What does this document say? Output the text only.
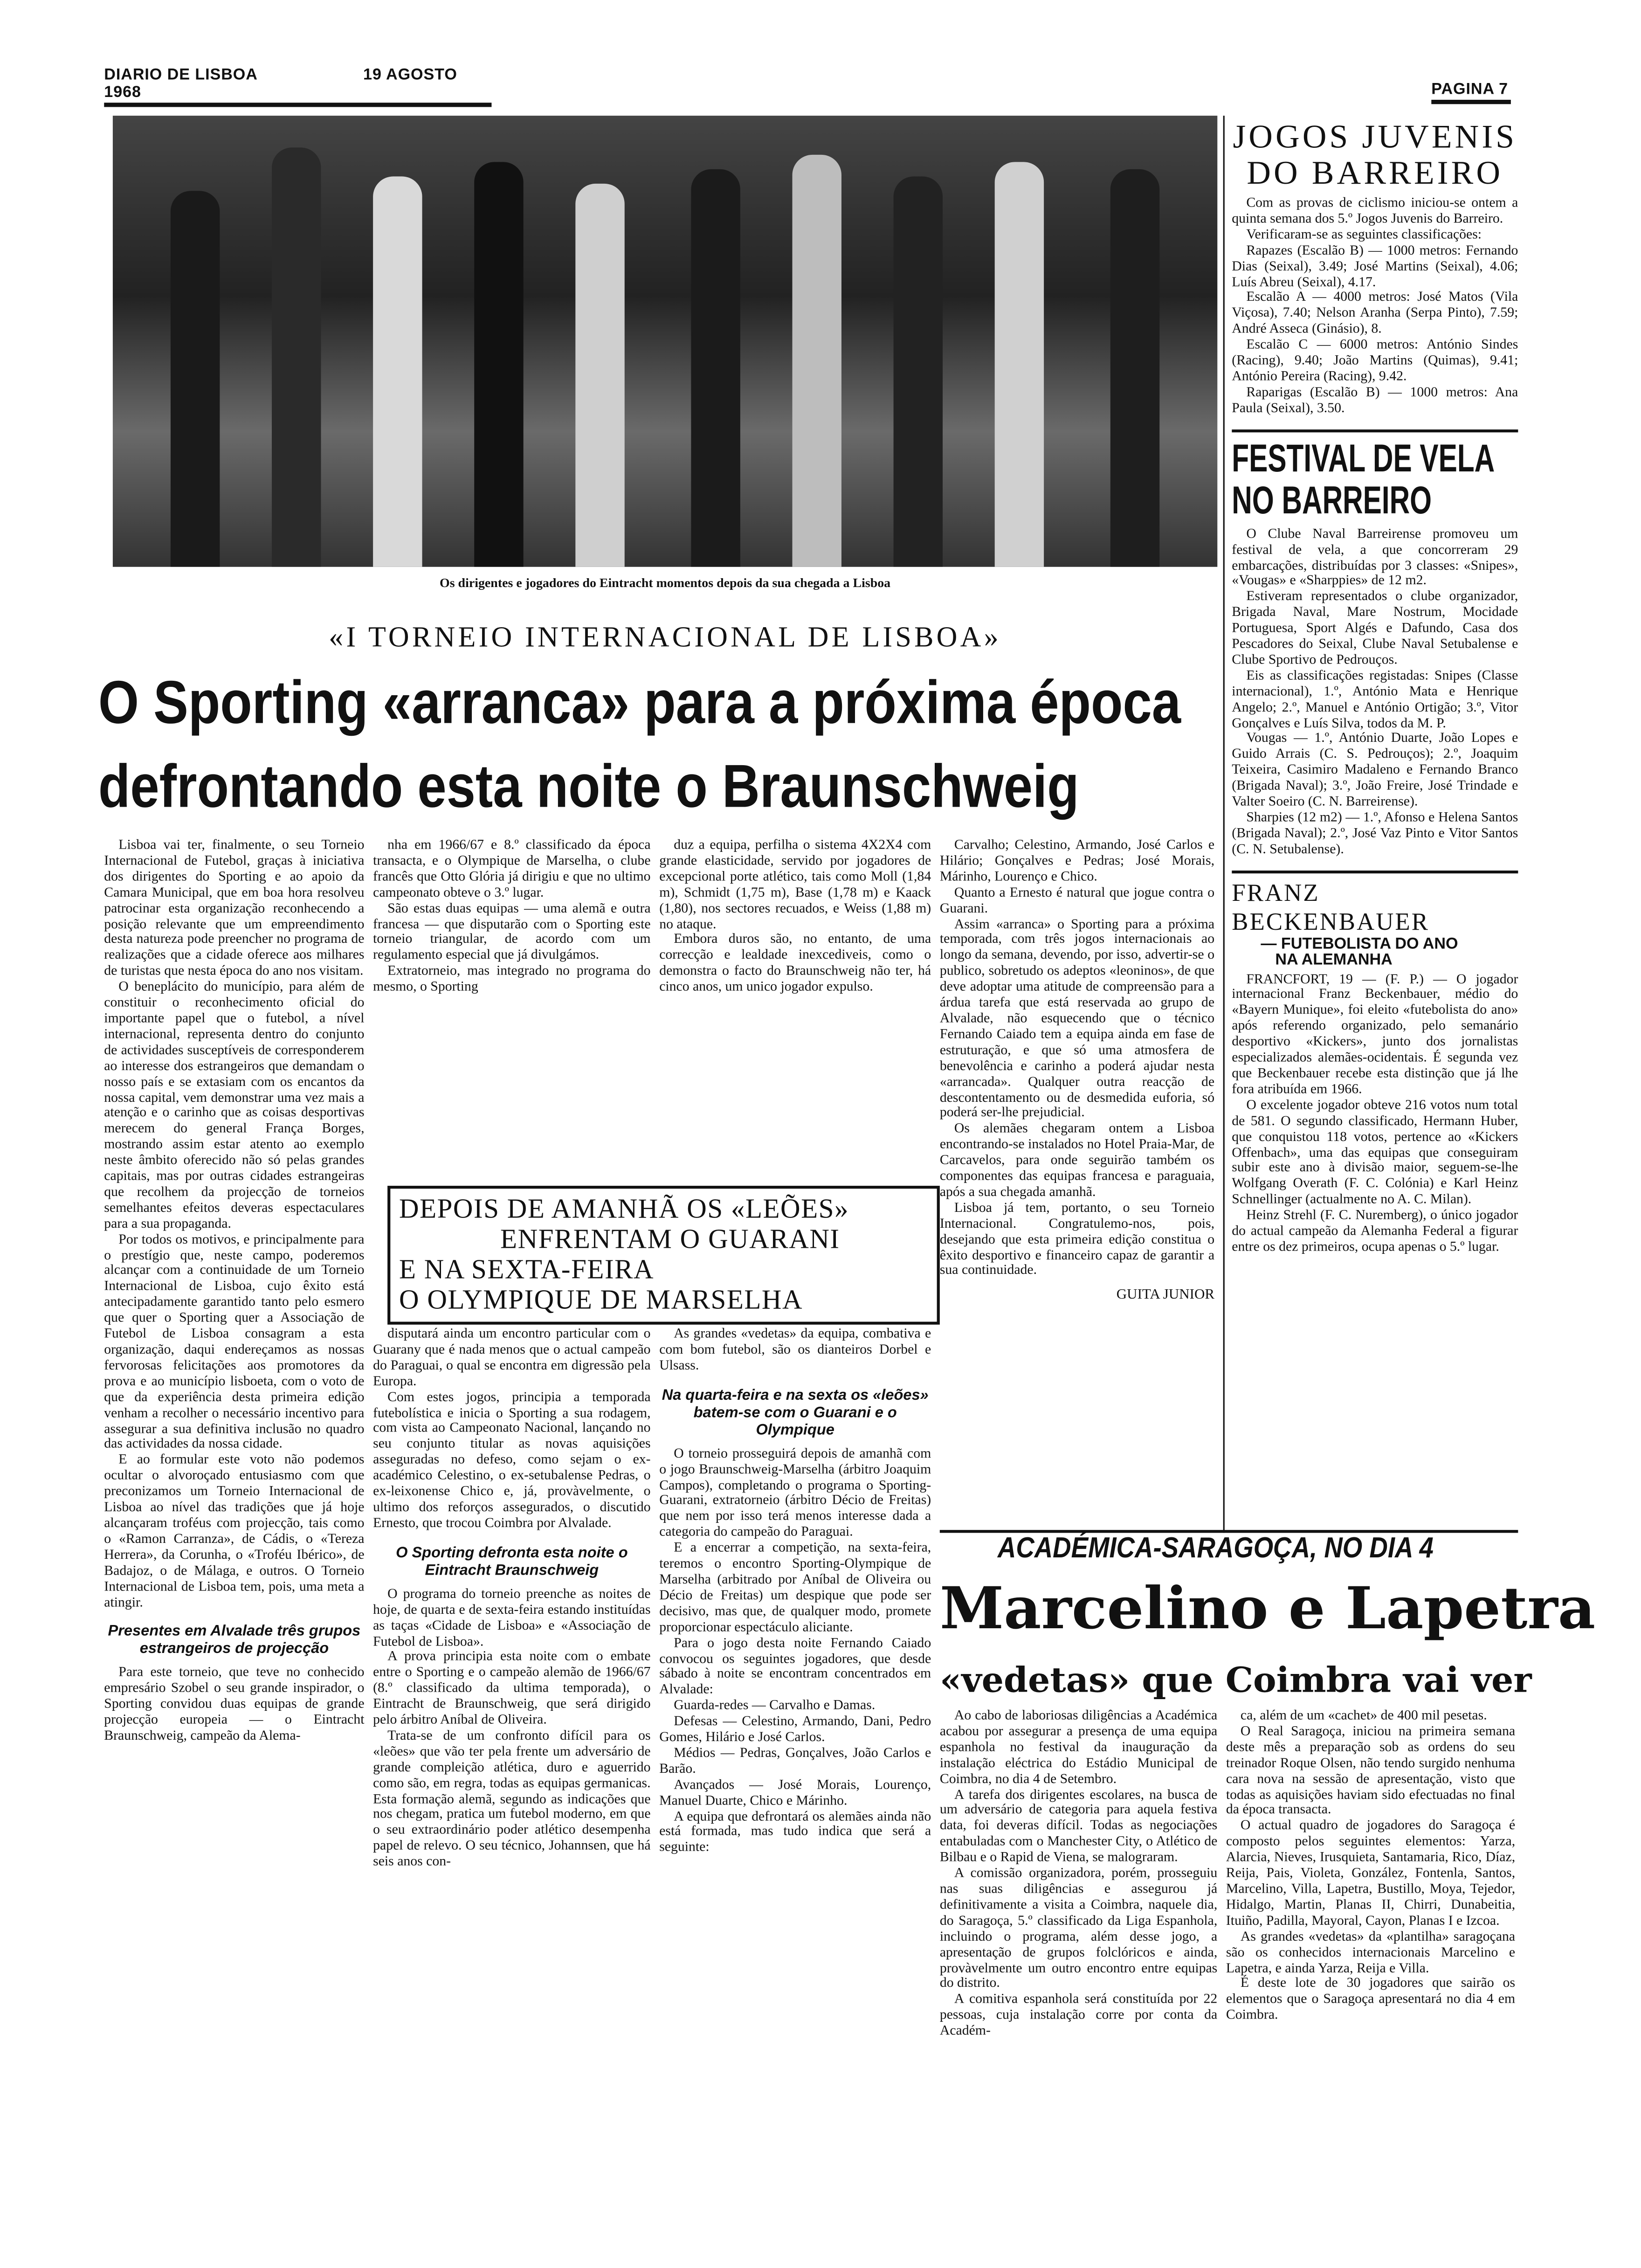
DIARIO DE LISBOA	19 AGOSTO 1968	PAGINA 7
Os dirigentes e jogadores do Eintracht momentos depois da sua chegada a Lisboa
«I TORNEIO INTERNACIONAL DE LISBOA»
O Sporting «arranca» para a próxima época
defrontando esta noite o Braunschweig

Lisboa vai ter, finalmente, o seu Torneio Internacional de Futebol, graças à iniciativa dos dirigentes do Sporting e ao apoio da Camara Municipal, que em boa hora resolveu patrocinar esta organização reconhecendo a posição relevante que um empreendimento desta natureza pode preencher no programa de realizações que a cidade oferece aos milhares de turistas que nesta época do ano nos visitam.

O beneplácito do município, para além de constituir o reconhecimento oficial do importante papel que o futebol, a nível internacional, representa dentro do conjunto de actividades susceptíveis de corresponderem ao interesse dos estrangeiros que demandam o nosso país e se extasiam com os encantos da nossa capital, vem demonstrar uma vez mais a atenção e o carinho que as coisas desportivas merecem do general França Borges, mostrando assim estar atento ao exemplo neste âmbito oferecido não só pelas grandes capitais, mas por outras cidades estrangeiras que recolhem da projecção de torneios semelhantes efeitos deveras espectaculares para a sua propaganda.

Por todos os motivos, e principalmente para o prestígio que, neste campo, poderemos alcançar com a continuidade de um Torneio Internacional de Lisboa, cujo êxito está antecipadamente garantido tanto pelo esmero que quer o Sporting quer a Associação de Futebol de Lisboa consagram a esta organização, daqui endereçamos as nossas fervorosas felicitações aos promotores da prova e ao município lisboeta, com o voto de que da experiência desta primeira edição venham a recolher o necessário incentivo para assegurar a sua definitiva inclusão no quadro das actividades da nossa cidade.

E ao formular este voto não podemos ocultar o alvoroçado entusiasmo com que preconizamos um Torneio Internacional de Lisboa ao nível das tradições que já hoje alcançaram troféus com projecção, tais como o «Ramon Carranza», de Cádis, o «Tereza Herrera», da Corunha, o «Troféu Ibérico», de Badajoz, o de Málaga, e outros. O Torneio Internacional de Lisboa tem, pois, uma meta a atingir.

Presentes em Alvalade três grupos estrangeiros de projecção

Para este torneio, que teve no conhecido empresário Szobel o seu grande inspirador, o Sporting convidou duas equipas de grande projecção europeia — o Eintracht Braunschweig, campeão da Alema-

nha em 1966/67 e 8.º classificado da época transacta, e o Olympique de Marselha, o clube francês que Otto Glória já dirigiu e que no ultimo campeonato obteve o 3.º lugar.

São estas duas equipas — uma alemã e outra francesa — que disputarão com o Sporting este torneio triangular, de acordo com um regulamento especial que já divulgámos.

Extratorneio, mas integrado no programa do mesmo, o Sporting

duz a equipa, perfilha o sistema 4X2X4 com grande elasticidade, servido por jogadores de excepcional porte atlético, tais como Moll (1,84 m), Schmidt (1,75 m), Base (1,78 m) e Kaack (1,80), nos sectores recuados, e Weiss (1,88 m) no ataque.

Embora duros são, no entanto, de uma correcção e lealdade inexcediveis, como o demonstra o facto do Braunschweig não ter, há cinco anos, um unico jogador expulso.

Carvalho; Celestino, Armando, José Carlos e Hilário; Gonçalves e Pedras; José Morais, Márinho, Lourenço e Chico.

Quanto a Ernesto é natural que jogue contra o Guarani.

Assim «arranca» o Sporting para a próxima temporada, com três jogos internacionais ao longo da semana, devendo, por isso, advertir-se o publico, sobretudo os adeptos «leoninos», de que deve adoptar uma atitude de compreensão para a árdua tarefa que está reservada ao grupo de Alvalade, não esquecendo que o técnico Fernando Caiado tem a equipa ainda em fase de estruturação, e que só uma atmosfera de benevolência e carinho a poderá ajudar nesta «arrancada». Qualquer outra reacção de descontentamento ou de desmedida euforia, só poderá ser-lhe prejudicial.

Os alemães chegaram ontem a Lisboa encontrando-se instalados no Hotel Praia-Mar, de Carcavelos, para onde seguirão também os componentes das equipas francesa e paraguaia, após a sua chegada amanhã.

Lisboa já tem, portanto, o seu Torneio Internacional. Congratulemo-nos, pois, desejando que esta primeira edição constitua o êxito desportivo e financeiro capaz de garantir a sua continuidade.

GUITA JUNIOR
DEPOIS DE AMANHÃ OS «LEÕES»
ENFRENTAM O GUARANI
E NA SEXTA-FEIRA
O OLYMPIQUE DE MARSELHA

disputará ainda um encontro particular com o Guarany que é nada menos que o actual campeão do Paraguai, o qual se encontra em digressão pela Europa.

Com estes jogos, principia a temporada futebolística e inicia o Sporting a sua rodagem, com vista ao Campeonato Nacional, lançando no seu conjunto titular as novas aquisições asseguradas no defeso, como sejam o ex-académico Celestino, o ex-setubalense Pedras, o ex-leixonense Chico e, já, provàvelmente, o ultimo dos reforços assegurados, o discutido Ernesto, que trocou Coimbra por Alvalade.

O Sporting defronta esta noite o Eintracht Braunschweig

O programa do torneio preenche as noites de hoje, de quarta e de sexta-feira estando instituídas as taças «Cidade de Lisboa» e «Associação de Futebol de Lisboa».

A prova principia esta noite com o embate entre o Sporting e o campeão alemão de 1966/67 (8.º classificado da ultima temporada), o Eintracht de Braunschweig, que será dirigido pelo árbitro Aníbal de Oliveira.

Trata-se de um confronto difícil para os «leões» que vão ter pela frente um adversário de grande compleição atlética, duro e aguerrido como são, em regra, todas as equipas germanicas. Esta formação alemã, segundo as indicações que nos chegam, pratica um futebol moderno, em que o seu extraordinário poder atlético desempenha papel de relevo. O seu técnico, Johannsen, que há seis anos con-

As grandes «vedetas» da equipa, combativa e com bom futebol, são os dianteiros Dorbel e Ulsass.

Na quarta-feira e na sexta os «leões» batem-se com o Guarani e o Olympique

O torneio prosseguirá depois de amanhã com o jogo Braunschweig-Marselha (árbitro Joaquim Campos), completando o programa o Sporting-Guarani, extratorneio (árbitro Décio de Freitas) que nem por isso terá menos interesse dada a categoria do campeão do Paraguai.

E a encerrar a competição, na sexta-feira, teremos o encontro Sporting-Olympique de Marselha (arbitrado por Aníbal de Oliveira ou Décio de Freitas) um despique que pode ser decisivo, mas que, de qualquer modo, promete proporcionar espectáculo aliciante.

Para o jogo desta noite Fernando Caiado convocou os seguintes jogadores, que desde sábado à noite se encontram concentrados em Alvalade:

Guarda-redes — Carvalho e Damas.

Defesas — Celestino, Armando, Dani, Pedro Gomes, Hilário e José Carlos.

Médios — Pedras, Gonçalves, João Carlos e Barão.

Avançados — José Morais, Lourenço, Manuel Duarte, Chico e Márinho.

A equipa que defrontará os alemães ainda não está formada, mas tudo indica que será a seguinte:

JOGOS JUVENIS
DO BARREIRO

Com as provas de ciclismo iniciou-se ontem a quinta semana dos 5.º Jogos Juvenis do Barreiro.

Verificaram-se as seguintes classificações:

Rapazes (Escalão B) — 1000 metros: Fernando Dias (Seixal), 3.49; José Martins (Seixal), 4.06; Luís Abreu (Seixal), 4.17.

Escalão A — 4000 metros: José Matos (Vila Viçosa), 7.40; Nelson Aranha (Serpa Pinto), 7.59; André Asseca (Ginásio), 8.

Escalão C — 6000 metros: António Sindes (Racing), 9.40; João Martins (Quimas), 9.41; António Pereira (Racing), 9.42.

Raparigas (Escalão B) — 1000 metros: Ana Paula (Seixal), 3.50.

FESTIVAL DE VELA
NO BARREIRO

O Clube Naval Barreirense promoveu um festival de vela, a que concorreram 29 embarcações, distribuídas por 3 classes: «Snipes», «Vougas» e «Sharppies» de 12 m2.

Estiveram representados o clube organizador, Brigada Naval, Mare Nostrum, Mocidade Portuguesa, Sport Algés e Dafundo, Casa dos Pescadores do Seixal, Clube Naval Setubalense e Clube Sportivo de Pedrouços.

Eis as classificações registadas: Snipes (Classe internacional), 1.º, António Mata e Henrique Angelo; 2.º, Manuel e António Ortigão; 3.º, Vitor Gonçalves e Luís Silva, todos da M. P.

Vougas — 1.º, António Duarte, João Lopes e Guido Arrais (C. S. Pedrouços); 2.º, Joaquim Teixeira, Casimiro Madaleno e Fernando Branco (Brigada Naval); 3.º, João Freire, José Trindade e Valter Soeiro (C. N. Barreirense).

Sharpies (12 m2) — 1.º, Afonso e Helena Santos (Brigada Naval); 2.º, José Vaz Pinto e Vitor Santos (C. N. Setubalense).

FRANZ BECKENBAUER
— FUTEBOLISTA DO ANO
NA ALEMANHA

FRANCFORT, 19 — (F. P.) — O jogador internacional Franz Beckenbauer, médio do «Bayern Munique», foi eleito «futebolista do ano» após referendo organizado, pelo semanário desportivo «Kickers», junto dos jornalistas especializados alemães-ocidentais. É segunda vez que Beckenbauer recebe esta distinção que já lhe fora atribuída em 1966.

O excelente jogador obteve 216 votos num total de 581. O segundo classificado, Hermann Huber, que conquistou 118 votos, pertence ao «Kickers Offenbach», uma das equipas que conseguiram subir este ano à divisão maior, seguem-se-lhe Wolfgang Overath (F. C. Colónia) e Karl Heinz Schnellinger (actualmente no A. C. Milan).

Heinz Strehl (F. C. Nuremberg), o único jogador do actual campeão da Alemanha Federal a figurar entre os dez primeiros, ocupa apenas o 5.º lugar.

ACADÉMICA-SARAGOÇA, NO DIA 4
Marcelino e Lapetra
«vedetas» que Coimbra vai ver

Ao cabo de laboriosas diligências a Académica acabou por assegurar a presença de uma equipa espanhola no festival da inauguração da instalação eléctrica do Estádio Municipal de Coimbra, no dia 4 de Setembro.

A tarefa dos dirigentes escolares, na busca de um adversário de categoria para aquela festiva data, foi deveras difícil. Todas as negociações entabuladas com o Manchester City, o Atlético de Bilbau e o Rapid de Viena, se malograram.

A comissão organizadora, porém, prosseguiu nas suas diligências e assegurou já definitivamente a visita a Coimbra, naquele dia, do Saragoça, 5.º classificado da Liga Espanhola, incluindo o programa, além desse jogo, a apresentação de grupos folclóricos e ainda, provàvelmente um outro encontro entre equipas do distrito.

A comitiva espanhola será constituída por 22 pessoas, cuja instalação corre por conta da Académ-

ca, além de um «cachet» de 400 mil pesetas.

O Real Saragoça, iniciou na primeira semana deste mês a preparação sob as ordens do seu treinador Roque Olsen, não tendo surgido nenhuma cara nova na sessão de apresentação, visto que todas as aquisições haviam sido efectuadas no final da época transacta.

O actual quadro de jogadores do Saragoça é composto pelos seguintes elementos: Yarza, Alarcia, Nieves, Irusquieta, Santamaria, Rico, Díaz, Reija, Pais, Violeta, González, Fontenla, Santos, Marcelino, Villa, Lapetra, Bustillo, Moya, Tejedor, Hidalgo, Martin, Planas II, Chirri, Dunabeitia, Ituiño, Padilla, Mayoral, Cayon, Planas I e Izcoa.

As grandes «vedetas» da «plantilha» saragoçana são os conhecidos internacionais Marcelino e Lapetra, e ainda Yarza, Reija e Villa.

É deste lote de 30 jogadores que sairão os elementos que o Saragoça apresentará no dia 4 em Coimbra.
